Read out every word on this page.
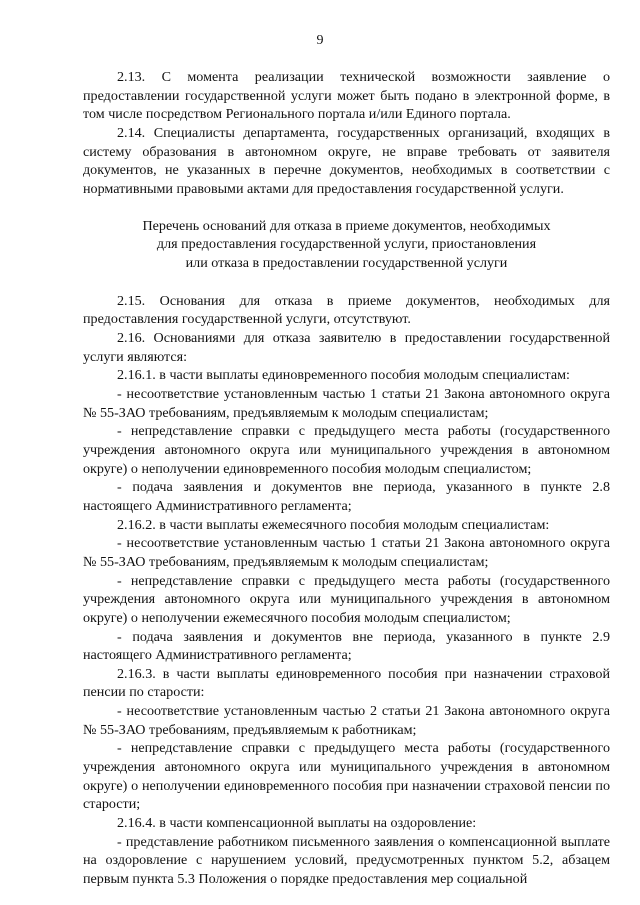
9

2.13. С момента реализации технической возможности заявление о предоставлении государственной услуги может быть подано в электронной форме, в том числе посредством Регионального портала и/или Единого портала.

2.14. Специалисты департамента, государственных организаций, входящих в систему образования в автономном округе, не вправе требовать от заявителя документов, не указанных в перечне документов, необходимых в соответствии с нормативными правовыми актами для предоставления государственной услуги.

Перечень оснований для отказа в приеме документов, необходимых
для предоставления государственной услуги, приостановления
или отказа в предоставлении государственной услуги

2.15. Основания для отказа в приеме документов, необходимых для предоставления государственной услуги, отсутствуют.

2.16. Основаниями для отказа заявителю в предоставлении государственной услуги являются:

2.16.1. в части выплаты единовременного пособия молодым специалистам:

- несоответствие установленным частью 1 статьи 21 Закона автономного округа № 55-ЗАО требованиям, предъявляемым к молодым специалистам;

- непредставление справки с предыдущего места работы (государственного учреждения автономного округа или муниципального учреждения в автономном округе) о неполучении единовременного пособия молодым специалистом;

- подача заявления и документов вне периода, указанного в пункте 2.8 настоящего Административного регламента;

2.16.2. в части выплаты ежемесячного пособия молодым специалистам:

- несоответствие установленным частью 1 статьи 21 Закона автономного округа № 55-ЗАО требованиям, предъявляемым к молодым специалистам;

- непредставление справки с предыдущего места работы (государственного учреждения автономного округа или муниципального учреждения в автономном округе) о неполучении ежемесячного пособия молодым специалистом;

- подача заявления и документов вне периода, указанного в пункте 2.9 настоящего Административного регламента;

2.16.3. в части выплаты единовременного пособия при назначении страховой пенсии по старости:

- несоответствие установленным частью 2 статьи 21 Закона автономного округа № 55-ЗАО требованиям, предъявляемым к работникам;

- непредставление справки с предыдущего места работы (государственного учреждения автономного округа или муниципального учреждения в автономном округе) о неполучении единовременного пособия при назначении страховой пенсии по старости;

2.16.4. в части компенсационной выплаты на оздоровление:

- представление работником письменного заявления о компенсационной выплате на оздоровление с нарушением условий, предусмотренных пунктом 5.2, абзацем первым пункта 5.3 Положения о порядке предоставления мер социальной
